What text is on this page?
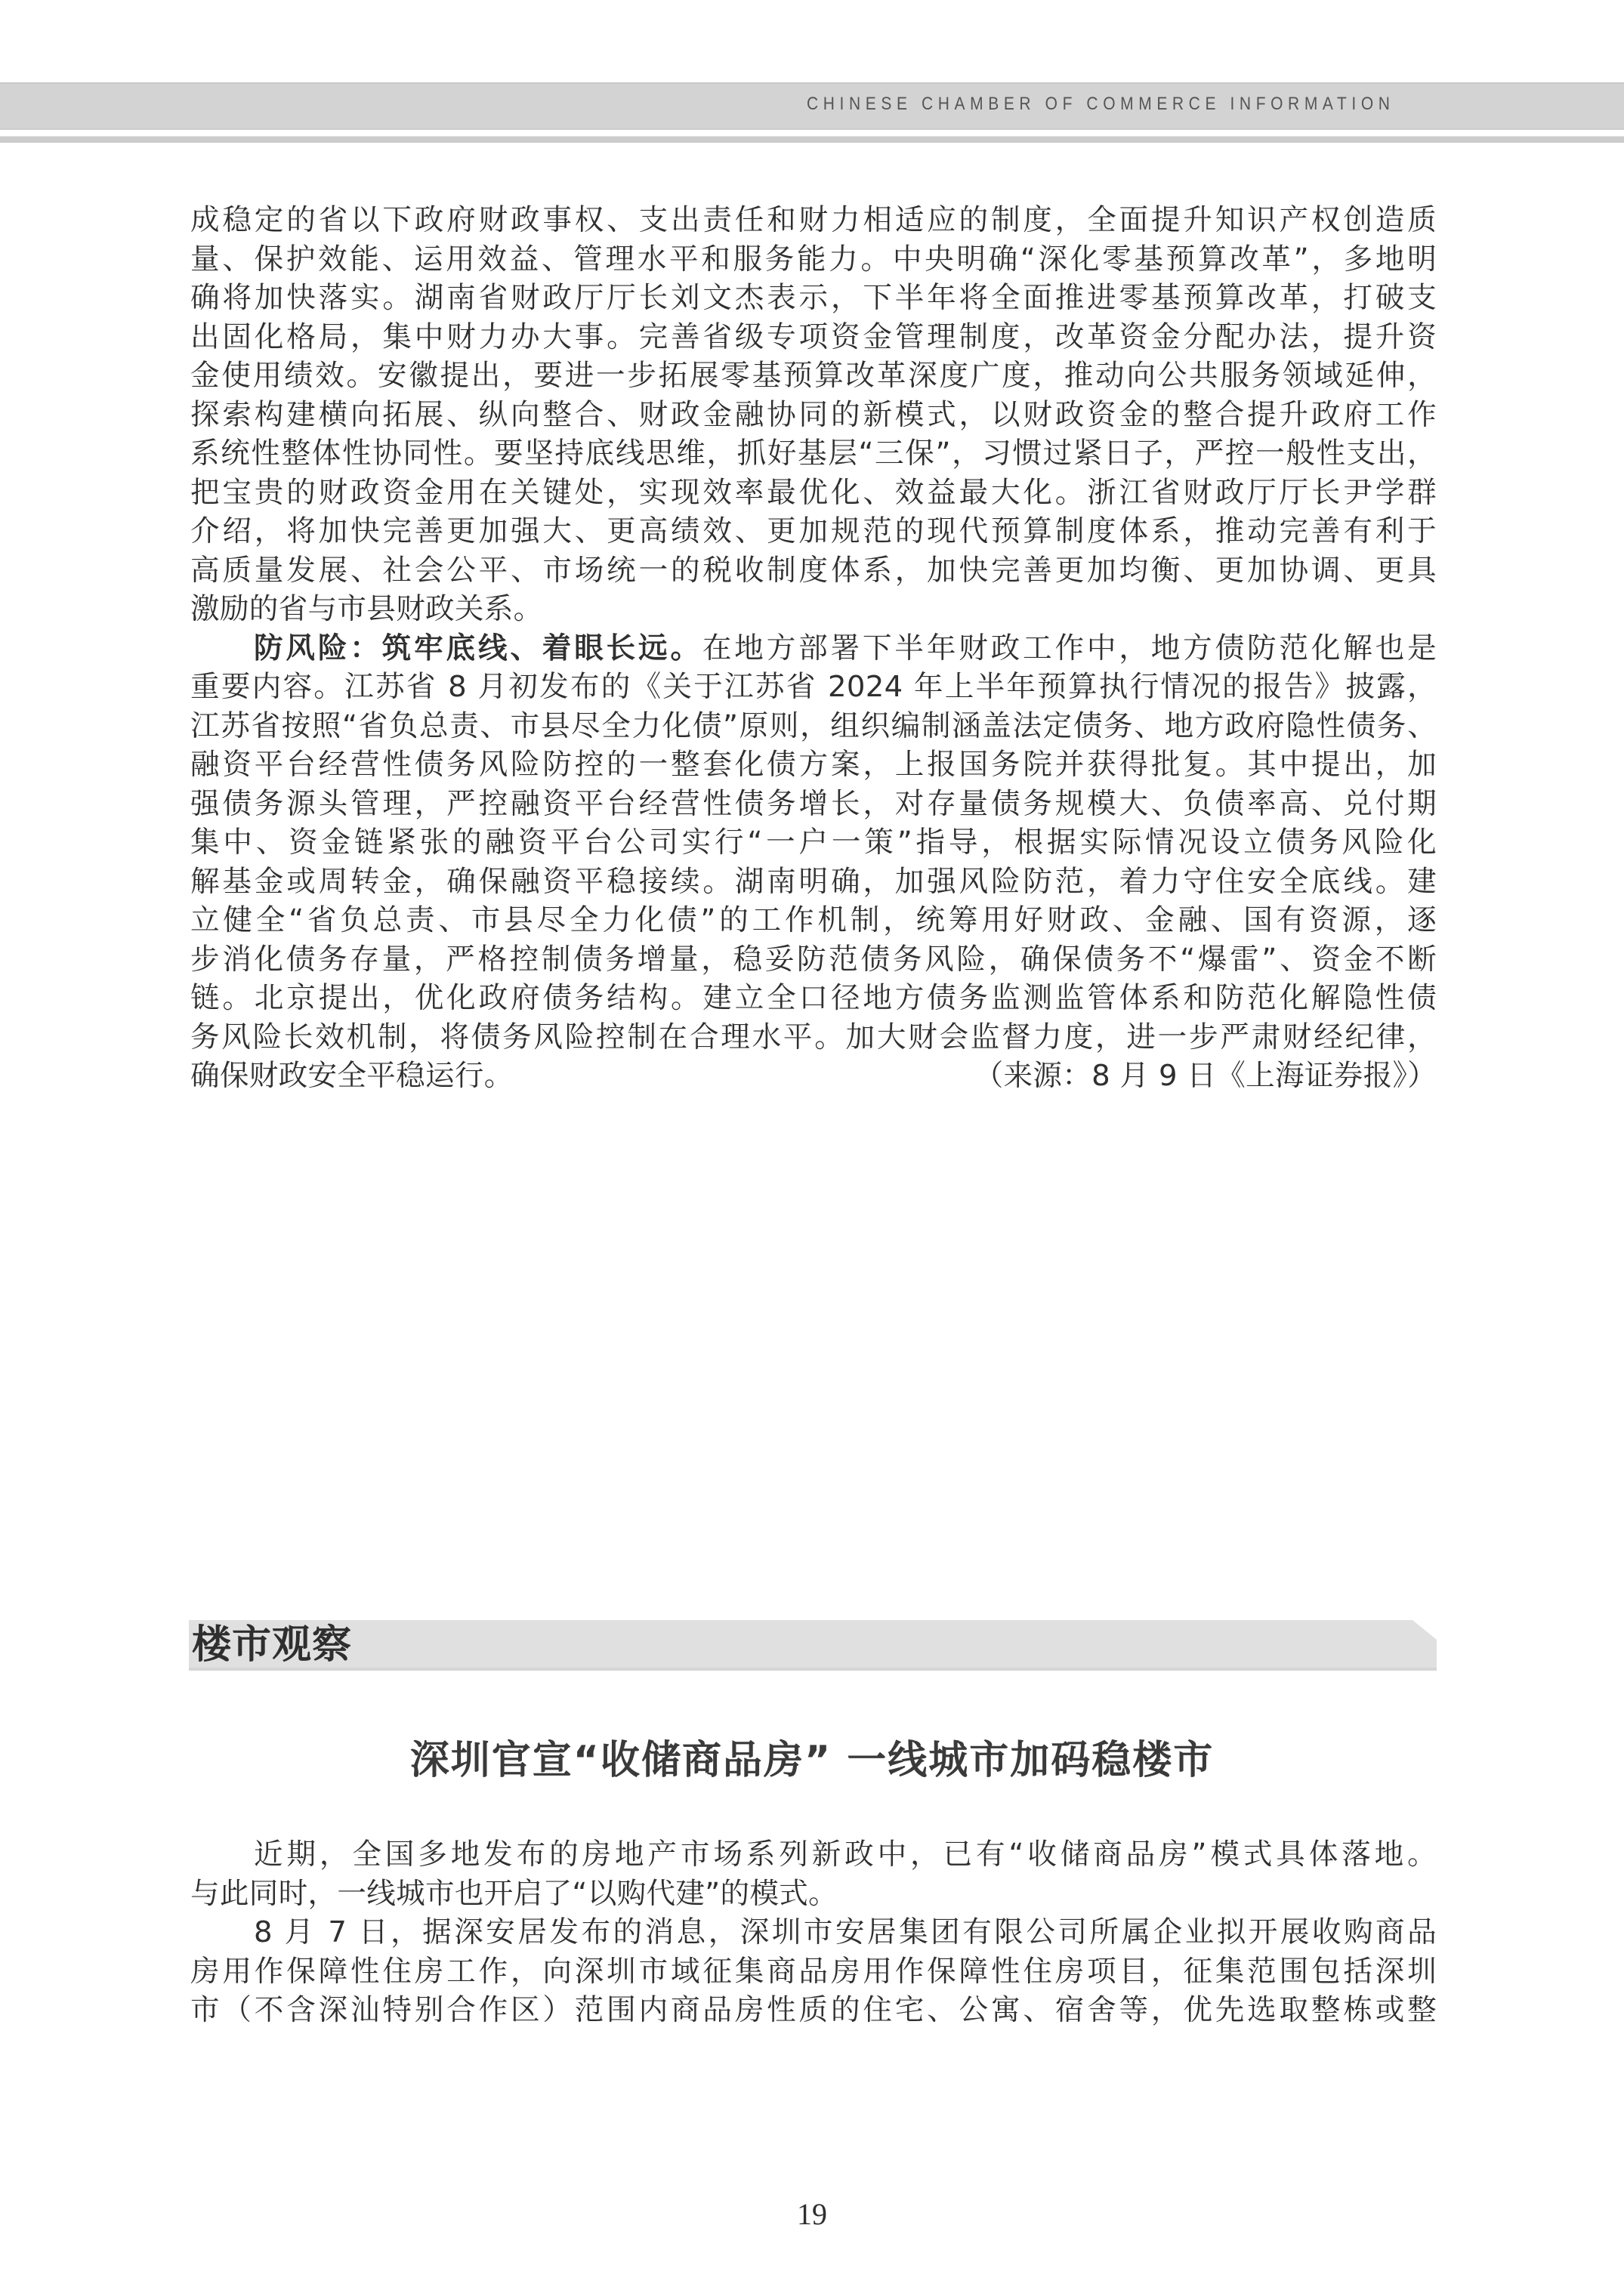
CHINESE CHAMBER OF COMMERCE INFORMATION
成稳定的省以下政府财政事权、支出责任和财力相适应的制度，全面提升知识产权创造质
量、保护效能、运用效益、管理水平和服务能力。中央明确“深化零基预算改革”，多地明
确将加快落实。湖南省财政厅厅长刘文杰表示，下半年将全面推进零基预算改革，打破支
出固化格局，集中财力办大事。完善省级专项资金管理制度，改革资金分配办法，提升资
金使用绩效。安徽提出，要进一步拓展零基预算改革深度广度，推动向公共服务领域延伸，
探索构建横向拓展、纵向整合、财政金融协同的新模式，以财政资金的整合提升政府工作
系统性整体性协同性。要坚持底线思维，抓好基层“三保”，习惯过紧日子，严控一般性支出，
把宝贵的财政资金用在关键处，实现效率最优化、效益最大化。浙江省财政厅厅长尹学群
介绍，将加快完善更加强大、更高绩效、更加规范的现代预算制度体系，推动完善有利于
高质量发展、社会公平、市场统一的税收制度体系，加快完善更加均衡、更加协调、更具
激励的省与市县财政关系。
防风险：筑牢底线、着眼长远。在地方部署下半年财政工作中，地方债防范化解也是
重要内容。江苏省 8 月初发布的《关于江苏省 2024 年上半年预算执行情况的报告》披露，
江苏省按照“省负总责、市县尽全力化债”原则，组织编制涵盖法定债务、地方政府隐性债务、
融资平台经营性债务风险防控的一整套化债方案，上报国务院并获得批复。其中提出，加
强债务源头管理，严控融资平台经营性债务增长，对存量债务规模大、负债率高、兑付期
集中、资金链紧张的融资平台公司实行“一户一策”指导，根据实际情况设立债务风险化
解基金或周转金，确保融资平稳接续。湖南明确，加强风险防范，着力守住安全底线。建
立健全“省负总责、市县尽全力化债”的工作机制，统筹用好财政、金融、国有资源，逐
步消化债务存量，严格控制债务增量，稳妥防范债务风险，确保债务不“爆雷”、资金不断
链。北京提出，优化政府债务结构。建立全口径地方债务监测监管体系和防范化解隐性债
务风险长效机制，将债务风险控制在合理水平。加大财会监督力度，进一步严肃财经纪律，
确保财政安全平稳运行。	（来源：8 月 9 日《上海证券报》）
楼市观察
深圳官宣“收储商品房” 一线城市加码稳楼市
近期，全国多地发布的房地产市场系列新政中，已有“收储商品房”模式具体落地。
与此同时，一线城市也开启了“以购代建”的模式。
8 月 7 日，据深安居发布的消息，深圳市安居集团有限公司所属企业拟开展收购商品
房用作保障性住房工作，向深圳市域征集商品房用作保障性住房项目，征集范围包括深圳
市（不含深汕特别合作区）范围内商品房性质的住宅、公寓、宿舍等，优先选取整栋或整
19
